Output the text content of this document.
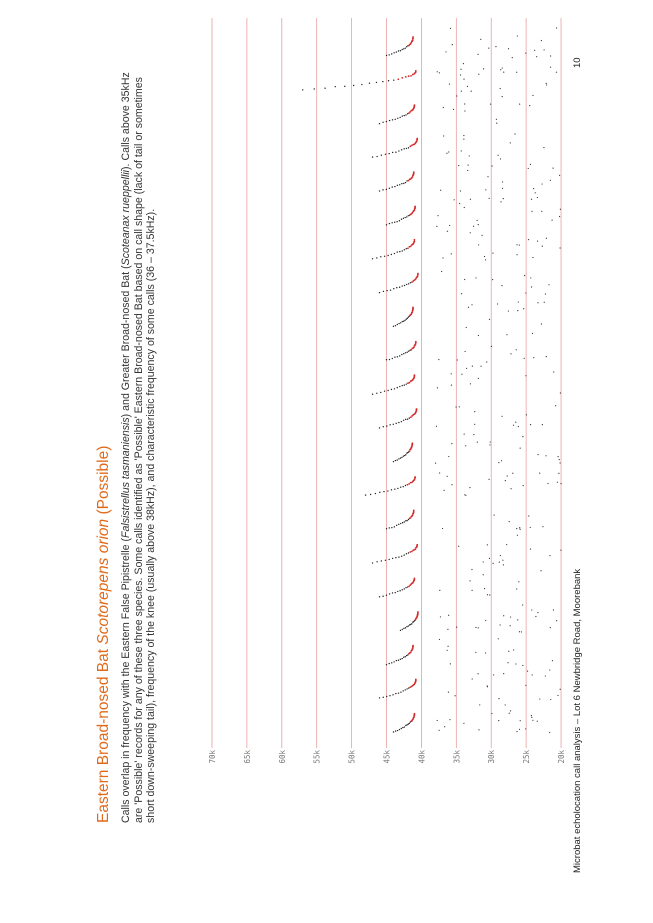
Eastern Broad-nosed Bat Scotorepens orion (Possible)
Calls overlap in frequency with the Eastern False Pipistrelle (Falsistrellus tasmaniensis) and Greater Broad-nosed Bat (Scoteanax rueppellii). Calls above 35kHz are 'Possible' records for any of these three species. Some calls identified as 'Possible' Eastern Broad-nosed Bat based on call shape (lack of tail or sometimes short down-sweeping tail), frequency of the knee (usually above 38kHz), and characteristic frequency of some calls (36 – 37.5kHz).	70k	65k	60k	55k	50k	45k	40k	35k	30k	25k	20k Microbat echolocation call analysis – Lot 6 Newbridge Road, Moorebank
10
